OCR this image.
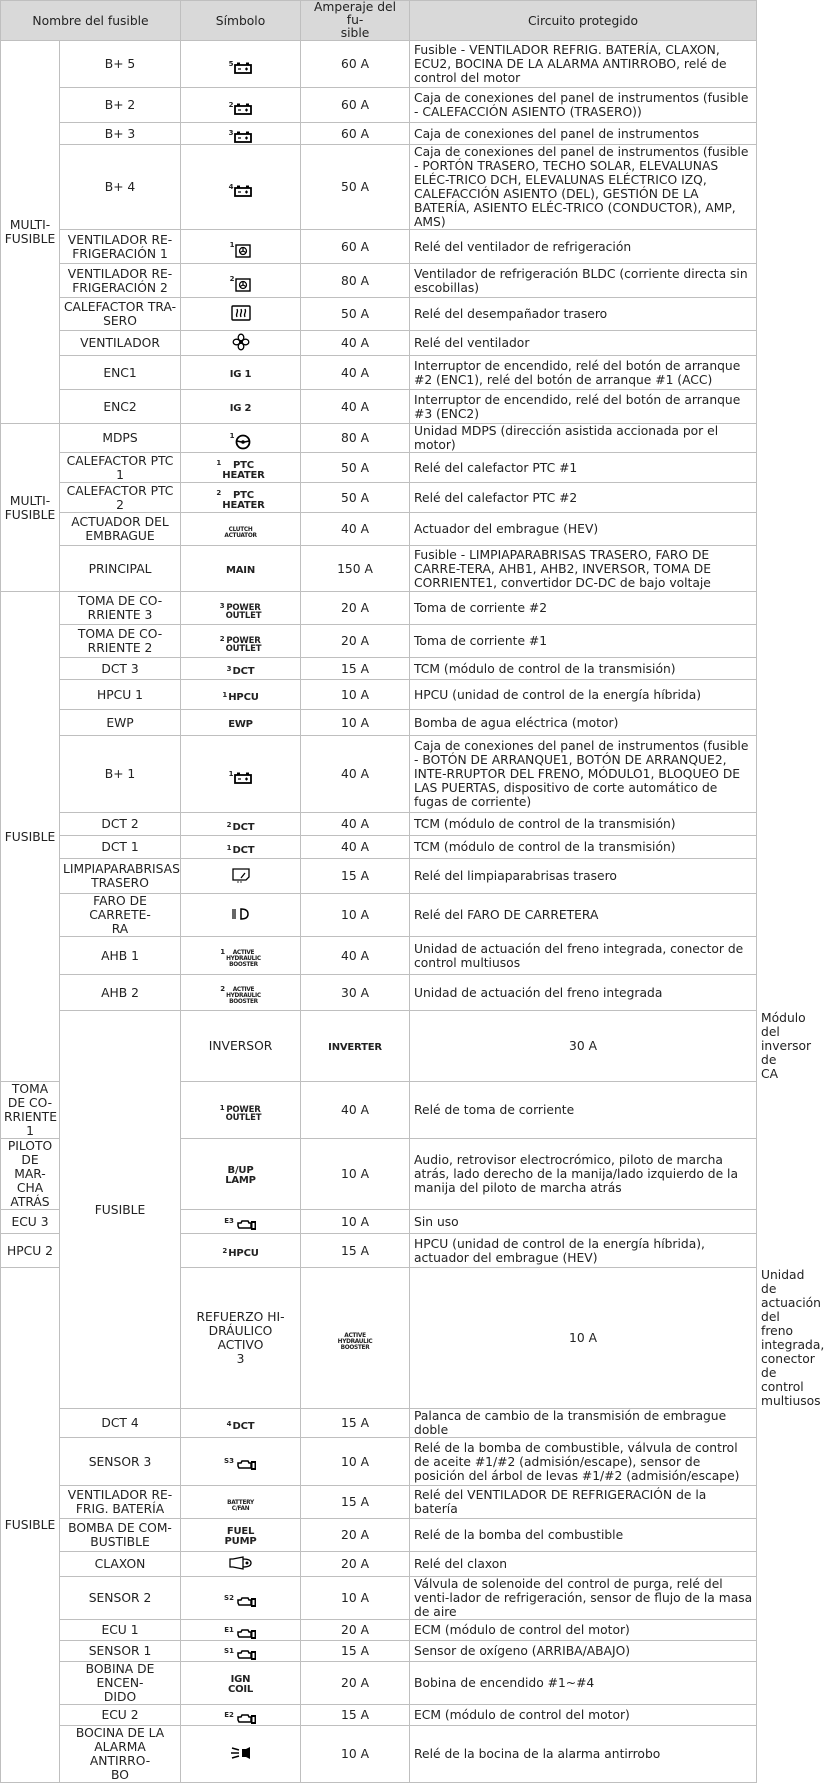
Nombre del fusible		Símbolo	Amperaje del fu-
sible	Circuito protegido	
MULTI-
FUSIBLE	B+ 5	5	60 A	Fusible - VENTILADOR REFRIG. BATERÍA, CLAXON, ECU2, BOCINA DE LA ALARMA ANTIRROBO, relé de control del motor	
	B+ 2	2	60 A	Caja de conexiones del panel de instrumentos (fusible - CALEFACCIÓN ASIENTO (TRASERO))	
	B+ 3	3	60 A	Caja de conexiones del panel de instrumentos	
	B+ 4	4	50 A	Caja de conexiones del panel de instrumentos (fusible - PORTÓN TRASERO, TECHO SOLAR, ELEVALUNAS ELÉC-TRICO DCH, ELEVALUNAS ELÉCTRICO IZQ, CALEFACCIÓN ASIENTO (DEL), GESTIÓN DE LA BATERÍA, ASIENTO ELÉC-TRICO (CONDUCTOR), AMP, AMS)	
	VENTILADOR RE-
FRIGERACIÓN 1	1	60 A	Relé del ventilador de refrigeración	
	VENTILADOR RE-
FRIGERACIÓN 2	2	80 A	Ventilador de refrigeración BLDC (corriente directa sin escobillas)	
	CALEFACTOR TRA-
SERO		50 A	Relé del desempañador trasero	
	VENTILADOR		40 A	Relé del ventilador	
	ENC1	IG 1	40 A	Interruptor de encendido, relé del botón de arranque #2 (ENC1), relé del botón de arranque #1 (ACC)	
	ENC2	IG 2	40 A	Interruptor de encendido, relé del botón de arranque #3 (ENC2)	
MULTI-
FUSIBLE	MDPS	1	80 A	Unidad MDPS (dirección asistida accionada por el motor)	
	CALEFACTOR PTC 1	1 PTC
HEATER	50 A	Relé del calefactor PTC #1	
	CALEFACTOR PTC 2	2 PTC
HEATER	50 A	Relé del calefactor PTC #2	
	ACTUADOR DEL
EMBRAGUE	CLUTCH
ACTUATOR	40 A	Actuador del embrague (HEV)	
	PRINCIPAL	MAIN	150 A	Fusible - LIMPIAPARABRISAS TRASERO, FARO DE CARRE-TERA, AHB1, AHB2, INVERSOR, TOMA DE CORRIENTE1, convertidor DC-DC de bajo voltaje	
FUSIBLE	TOMA DE CO-
RRIENTE 3	3 POWER
OUTLET	20 A	Toma de corriente #2	
	TOMA DE CO-
RRIENTE 2	2 POWER
OUTLET	20 A	Toma de corriente #1	
	DCT 3	3 DCT	15 A	TCM (módulo de control de la transmisión)	
	HPCU 1	1 HPCU	10 A	HPCU (unidad de control de la energía híbrida)	
	EWP	EWP	10 A	Bomba de agua eléctrica (motor)	
	B+ 1	1	40 A	Caja de conexiones del panel de instrumentos (fusible - BOTÓN DE ARRANQUE1, BOTÓN DE ARRANQUE2, INTE-RRUPTOR DEL FRENO, MÓDULO1, BLOQUEO DE LAS PUERTAS, dispositivo de corte automático de fugas de corriente)	
	DCT 2	2 DCT	40 A	TCM (módulo de control de la transmisión)	
	DCT 1	1 DCT	40 A	TCM (módulo de control de la transmisión)	
	LIMPIAPARABRISAS
TRASERO		15 A	Relé del limpiaparabrisas trasero	
	FARO DE CARRETE-
RA		10 A	Relé del FARO DE CARRETERA	
	AHB 1	1 ACTIVE
HYDRAULIC
BOOSTER	40 A	Unidad de actuación del freno integrada, conector de control multiusos	
	AHB 2	2 ACTIVE
HYDRAULIC
BOOSTER	30 A	Unidad de actuación del freno integrada	
	FUSIBLE	INVERSOR	INVERTER	30 A	Módulo del inversor de CA
TOMA DE CO-
RRIENTE 1		1 POWER
OUTLET	40 A	Relé de toma de corriente	
PILOTO DE MAR-
CHA ATRÁS		B/UP
LAMP	10 A	Audio, retrovisor electrocrómico, piloto de marcha atrás, lado derecho de la manija/lado izquierdo de la manija del piloto de marcha atrás	
ECU 3		E3	10 A	Sin uso	
HPCU 2		2 HPCU	15 A	HPCU (unidad de control de la energía híbrida), actuador del embrague (HEV)	
FUSIBLE		REFUERZO HI-
DRÁULICO ACTIVO
3	ACTIVE
HYDRAULIC
BOOSTER	10 A	Unidad de actuación del freno integrada, conector de control multiusos
	DCT 4	4 DCT	15 A	Palanca de cambio de la transmisión de embrague doble	
	SENSOR 3	S3	10 A	Relé de la bomba de combustible, válvula de control de aceite #1/#2 (admisión/escape), sensor de posición del árbol de levas #1/#2 (admisión/escape)	
	VENTILADOR RE-
FRIG. BATERÍA	BATTERY
C/FAN	15 A	Relé del VENTILADOR DE REFRIGERACIÓN de la batería	
	BOMBA DE COM-
BUSTIBLE	FUEL
PUMP	20 A	Relé de la bomba del combustible	
	CLAXON		20 A	Relé del claxon	
	SENSOR 2	S2	10 A	Válvula de solenoide del control de purga, relé del venti-lador de refrigeración, sensor de flujo de la masa de aire	
	ECU 1	E1	20 A	ECM (módulo de control del motor)	
	SENSOR 1	S1	15 A	Sensor de oxígeno (ARRIBA/ABAJO)	
	BOBINA DE ENCEN-
DIDO	IGN
COIL	20 A	Bobina de encendido #1~#4	
	ECU 2	E2	15 A	ECM (módulo de control del motor)	
	BOCINA DE LA
ALARMA ANTIRRO-
BO		10 A	Relé de la bocina de la alarma antirrobo	
